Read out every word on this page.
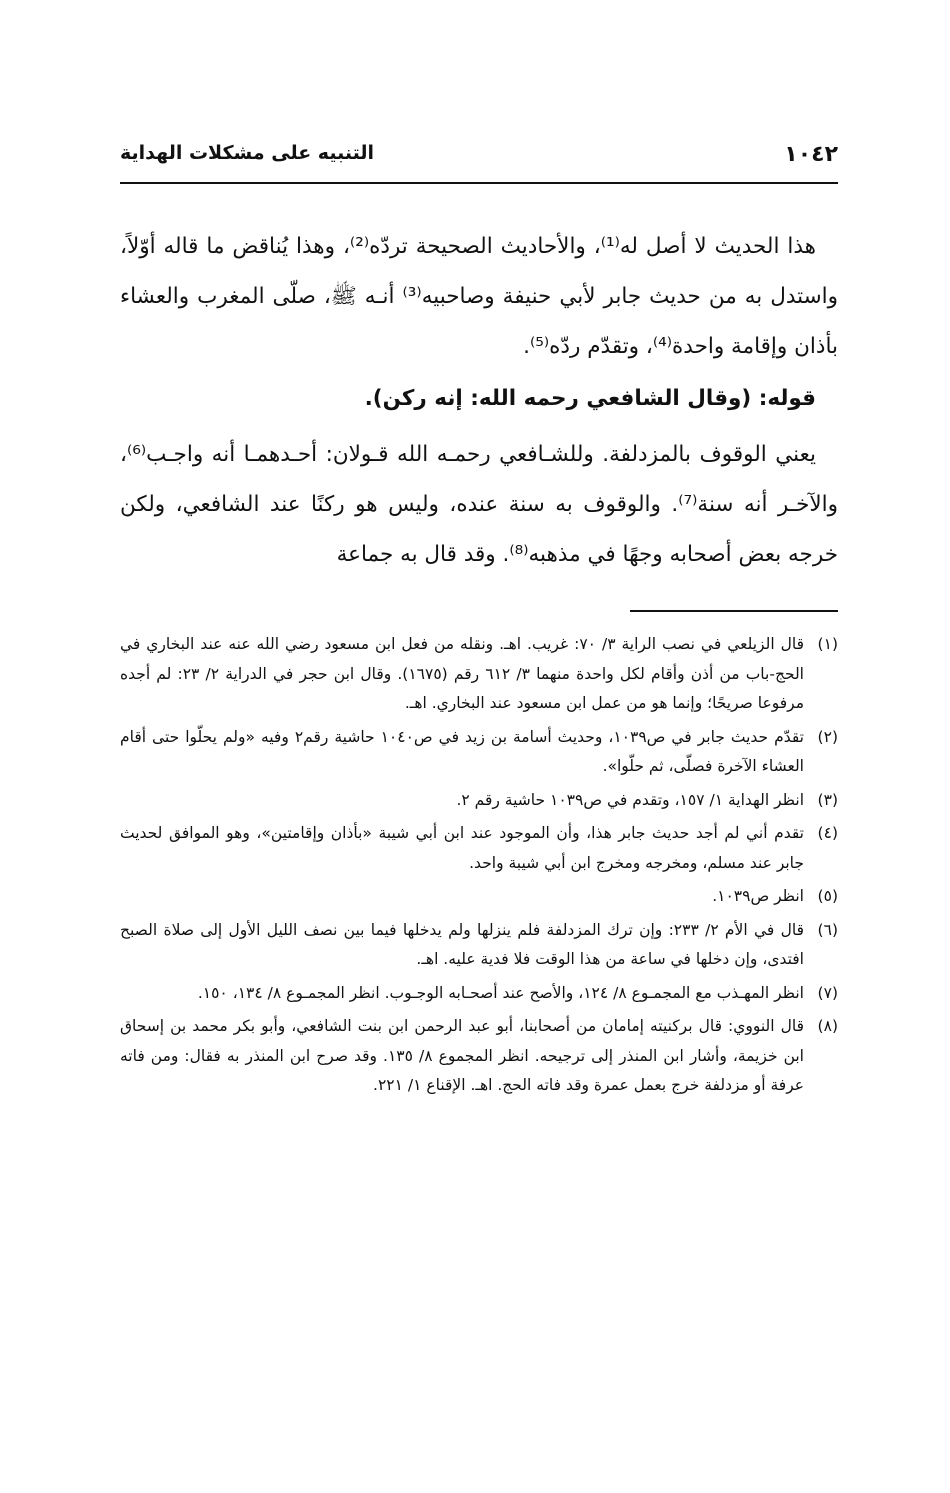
١٠٤٢
التنبيه على مشكلات الهداية

هذا الحديث لا أصل له⁽¹⁾، والأحاديث الصحيحة تردّه⁽²⁾، وهذا يُناقض ما قاله أوّلاً، واستدل به من حديث جابر لأبي حنيفة وصاحبيه⁽³⁾ أنـه ﷺ، صلّى المغرب والعشاء بأذان وإقامة واحدة⁽⁴⁾، وتقدّم ردّه⁽⁵⁾.

قوله: (وقال الشافعي رحمه الله: إنه ركن).

يعني الوقوف بالمزدلفة. وللشـافعي رحمـه الله قـولان: أحـدهمـا أنه واجـب⁽⁶⁾، والآخـر أنه سنة⁽⁷⁾. والوقوف به سنة عنده، وليس هو ركنًا عند الشافعي، ولكن خرجه بعض أصحابه وجهًا في مذهبه⁽⁸⁾. وقد قال به جماعة

(١)
قال الزيلعي في نصب الراية ٣/ ٧٠: غريب. اهـ. ونقله من فعل ابن مسعود رضي الله عنه عند البخاري في الحج-باب من أذن وأقام لكل واحدة منهما ٣/ ٦١٢ رقم (١٦٧٥). وقال ابن حجر في الدراية ٢/ ٢٣: لم أجده مرفوعا صريحًا؛ وإنما هو من عمل ابن مسعود عند البخاري. اهـ.
(٢)
تقدّم حديث جابر في ص١٠٣٩، وحديث أسامة بن زيد في ص١٠٤٠ حاشية رقم٢ وفيه «ولم يحلّوا حتى أقام العشاء الآخرة فصلّى، ثم حلّوا».
(٣)
انظر الهداية ١/ ١٥٧، وتقدم في ص١٠٣٩ حاشية رقم ٢.
(٤)
تقدم أني لم أجد حديث جابر هذا، وأن الموجود عند ابن أبي شيبة «بأذان وإقامتين»، وهو الموافق لحديث جابر عند مسلم، ومخرجه ومخرج ابن أبي شيبة واحد.
(٥)
انظر ص١٠٣٩.
(٦)
قال في الأم ٢/ ٢٣٣: وإن ترك المزدلفة فلم ينزلها ولم يدخلها فيما بين نصف الليل الأول إلى صلاة الصبح افتدى، وإن دخلها في ساعة من هذا الوقت فلا فدية عليه. اهـ.
(٧)
انظر المهـذب مع المجمـوع ٨/ ١٢٤، والأصح عند أصحـابه الوجـوب. انظر المجمـوع ٨/ ١٣٤، ١٥٠.
(٨)
قال النووي: قال بركنيته إمامان من أصحابنا، أبو عبد الرحمن ابن بنت الشافعي، وأبو بكر محمد بن إسحاق ابن خزيمة، وأشار ابن المنذر إلى ترجيحه. انظر المجموع ٨/ ١٣٥. وقد صرح ابن المنذر به فقال: ومن فاته عرفة أو مزدلفة خرج بعمل عمرة وقد فاته الحج. اهـ. الإقناع ١/ ٢٢١.
